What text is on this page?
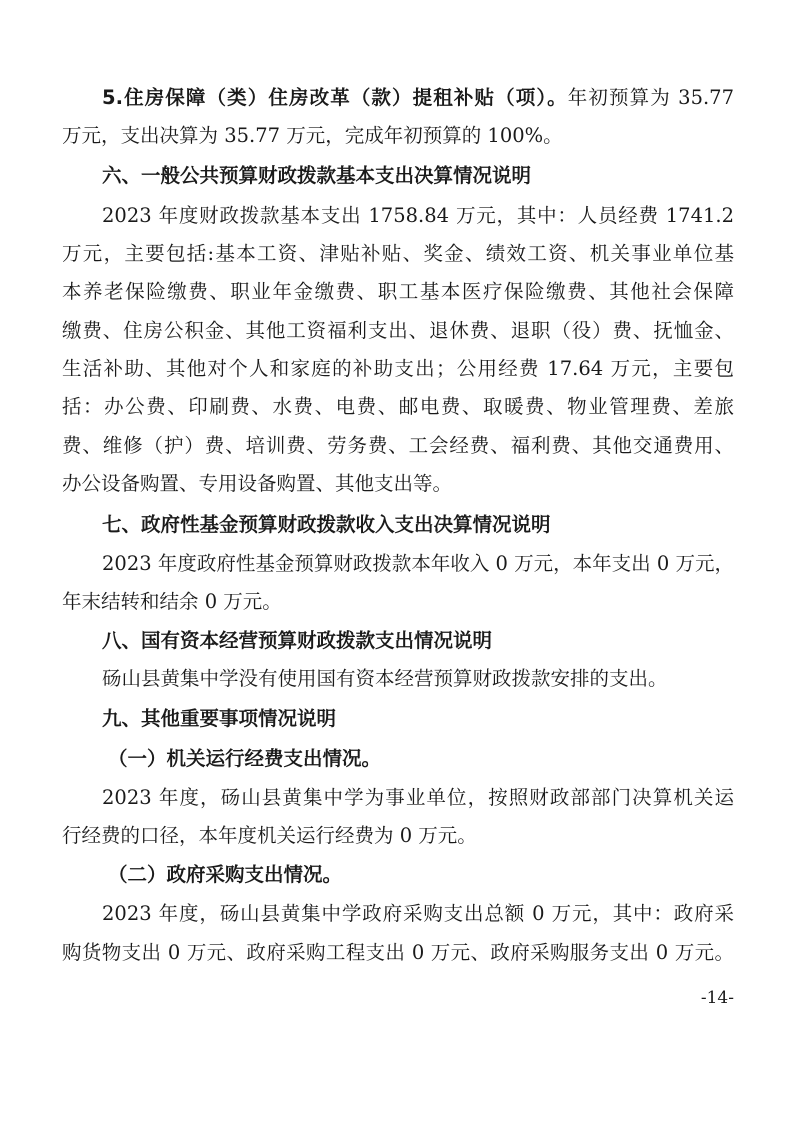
5.住房保障（类）住房改革（款）提租补贴（项）。年初预算为 35.77

万元，支出决算为 35.77 万元，完成年初预算的 100%。

六、一般公共预算财政拨款基本支出决算情况说明

2023 年度财政拨款基本支出 1758.84 万元，其中：人员经费 1741.2

万元，主要包括:基本工资、津贴补贴、奖金、绩效工资、机关事业单位基

本养老保险缴费、职业年金缴费、职工基本医疗保险缴费、其他社会保障

缴费、住房公积金、其他工资福利支出、退休费、退职（役）费、抚恤金、

生活补助、其他对个人和家庭的补助支出；公用经费 17.64 万元，主要包

括：办公费、印刷费、水费、电费、邮电费、取暖费、物业管理费、差旅

费、维修（护）费、培训费、劳务费、工会经费、福利费、其他交通费用、

办公设备购置、专用设备购置、其他支出等。

七、政府性基金预算财政拨款收入支出决算情况说明

2023 年度政府性基金预算财政拨款本年收入 0 万元，本年支出 0 万元，

年末结转和结余 0 万元。

八、国有资本经营预算财政拨款支出情况说明

砀山县黄集中学没有使用国有资本经营预算财政拨款安排的支出。

九、其他重要事项情况说明

（一）机关运行经费支出情况。

2023 年度，砀山县黄集中学为事业单位，按照财政部部门决算机关运

行经费的口径，本年度机关运行经费为 0 万元。

（二）政府采购支出情况。

2023 年度，砀山县黄集中学政府采购支出总额 0 万元，其中：政府采

购货物支出 0 万元、政府采购工程支出 0 万元、政府采购服务支出 0 万元。

-14-
